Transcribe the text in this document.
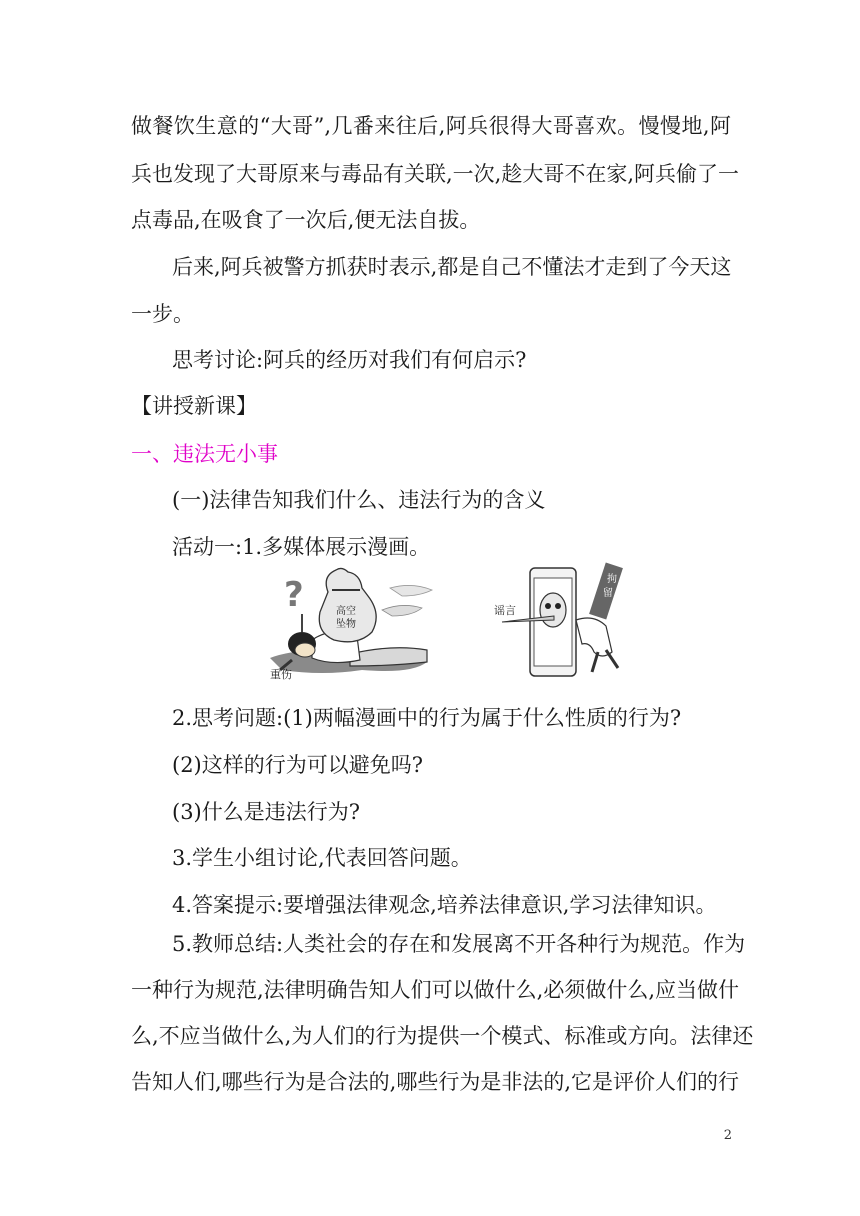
做餐饮生意的“大哥”,几番来往后,阿兵很得大哥喜欢。慢慢地,阿
兵也发现了大哥原来与毒品有关联,一次,趁大哥不在家,阿兵偷了一
点毒品,在吸食了一次后,便无法自拔。
后来,阿兵被警方抓获时表示,都是自己不懂法才走到了今天这
一步。
思考讨论:阿兵的经历对我们有何启示?
【讲授新课】
一、违法无小事
(一)法律告知我们什么、违法行为的含义
活动一:1.多媒体展示漫画。
高空
坠物
?
重伤
拘
留
谣言
2.思考问题:(1)两幅漫画中的行为属于什么性质的行为?
(2)这样的行为可以避免吗?
(3)什么是违法行为?
3.学生小组讨论,代表回答问题。
4.答案提示:要增强法律观念,培养法律意识,学习法律知识。
5.教师总结:人类社会的存在和发展离不开各种行为规范。作为
一种行为规范,法律明确告知人们可以做什么,必须做什么,应当做什
么,不应当做什么,为人们的行为提供一个模式、标准或方向。法律还
告知人们,哪些行为是合法的,哪些行为是非法的,它是评价人们的行
2
